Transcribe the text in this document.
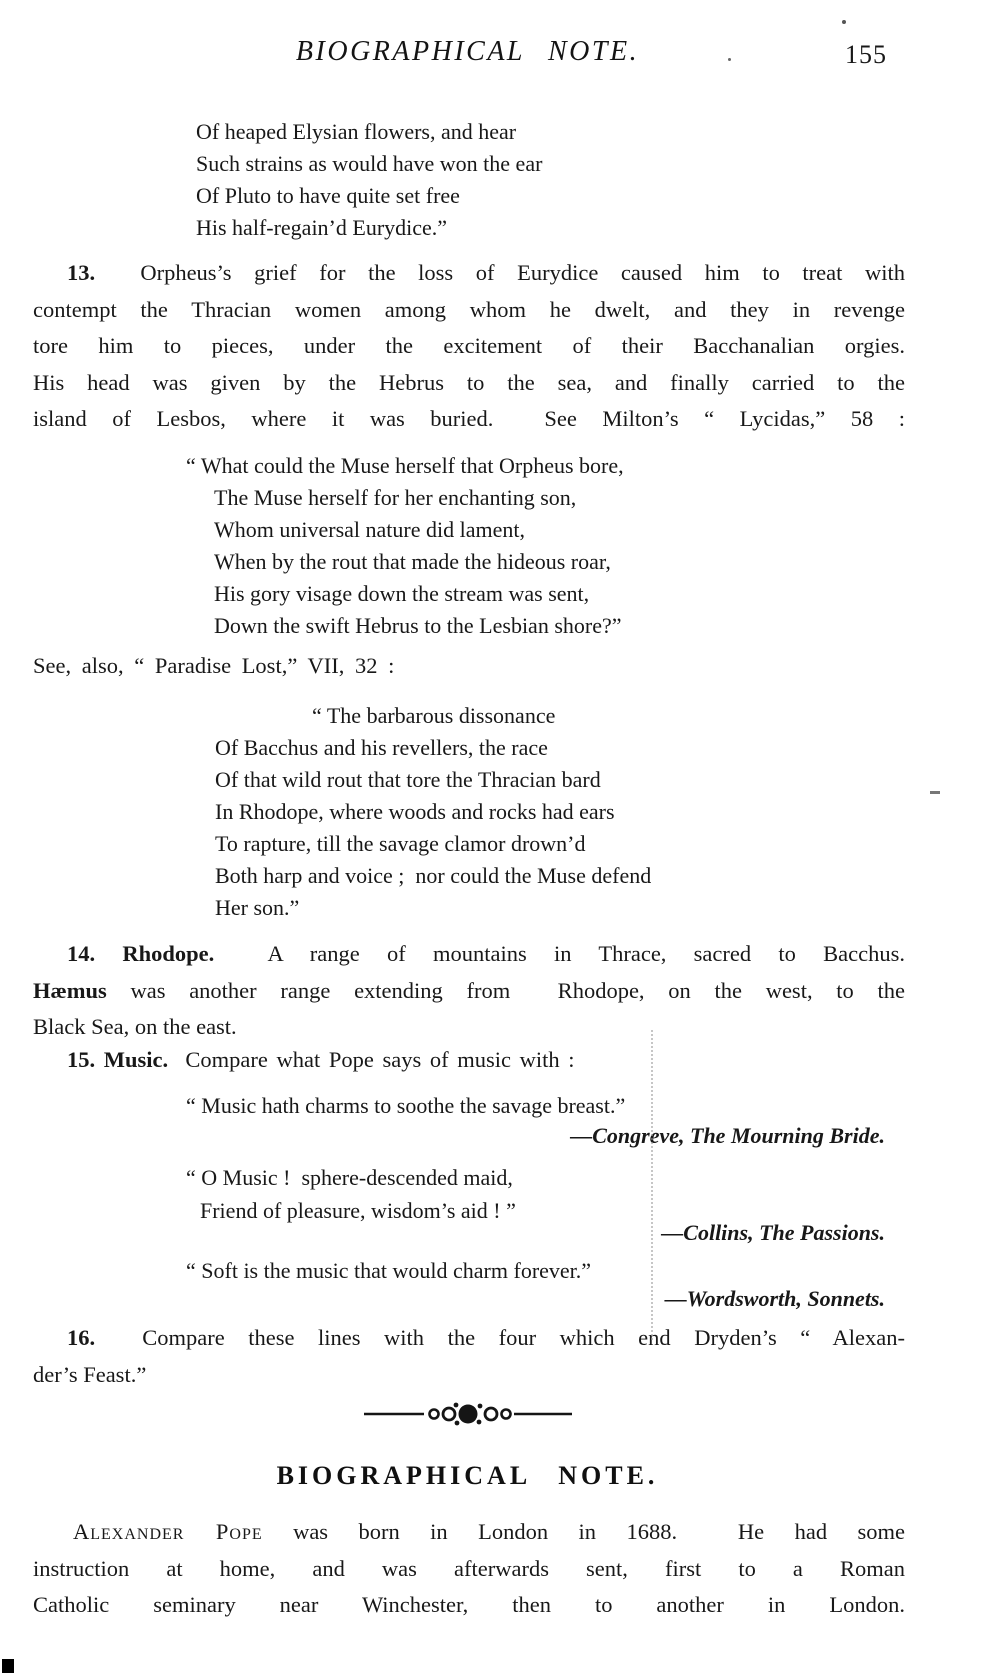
BIOGRAPHICAL NOTE.	155
Of heaped Elysian flowers, and hear
Such strains as would have won the ear
Of Pluto to have quite set free
His half-regain’d Eurydice.”
13.  Orpheus’s grief for the loss of Eurydice caused him to treat with
contempt the Thracian women among whom he dwelt, and they in revenge
tore him to pieces, under the excitement of their Bacchanalian orgies.
His head was given by the Hebrus to the sea, and finally carried to the
island of Lesbos, where it was buried.  See Milton’s “ Lycidas,” 58 :
“ What could the Muse herself that Orpheus bore,
The Muse herself for her enchanting son,
Whom universal nature did lament,
When by the rout that made the hideous roar,
His gory visage down the stream was sent,
Down the swift Hebrus to the Lesbian shore?”
See, also, “ Paradise Lost,” VII, 32 :
“ The barbarous dissonance
Of Bacchus and his revellers, the race
Of that wild rout that tore the Thracian bard
In Rhodope, where woods and rocks had ears
To rapture, till the savage clamor drown’d
Both harp and voice ;  nor could the Muse defend
Her son.”
14. Rhodope.  A range of mountains in Thrace, sacred to Bacchus.
Hæmus was another range extending from  Rhodope, on the west, to the
Black Sea, on the east.
15. Music.  Compare what Pope says of music with :
“ Music hath charms to soothe the savage breast.”
—Congreve, The Mourning Bride.
“ O Music !  sphere-descended maid,
Friend of pleasure, wisdom’s aid ! ”
—Collins, The Passions.
“ Soft is the music that would charm forever.”
—Wordsworth, Sonnets.
16.  Compare these lines with the four which end Dryden’s “ Alexan-
der’s Feast.”
BIOGRAPHICAL NOTE.
Alexander Pope was born in London in 1688.  He had some
instruction at home, and was afterwards sent, first to a Roman
Catholic seminary near Winchester, then to another in London.
